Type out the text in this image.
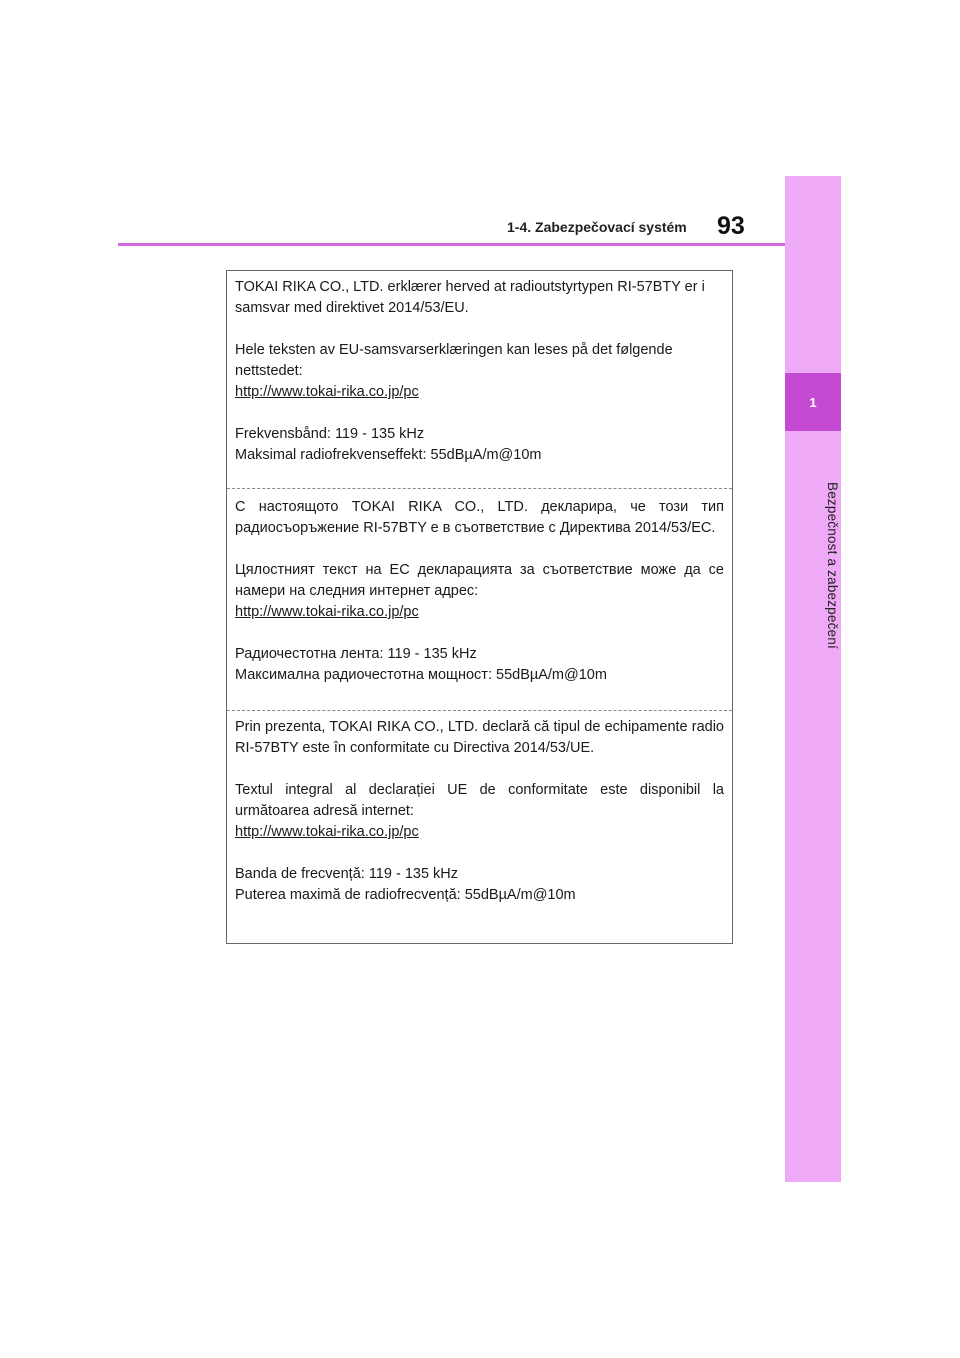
1
Bezpečnost a zabezpečení
1-4. Zabezpečovací systém 93

TOKAI RIKA CO., LTD. erklærer herved at radioutstyrtypen RI-57BTY er i samsvar med direktivet 2014/53/EU.

Hele teksten av EU-samsvarserklæringen kan leses på det følgende nettstedet:

http://www.tokai-rika.co.jp/pc

Frekvensbånd: 119 - 135 kHz

Maksimal radiofrekvenseffekt: 55dBµA/m@10m

С настоящото TOKAI RIKA CO., LTD. декларира, че този тип радиосъоръжение RI-57BTY е в съответствие с Директива 2014/53/ЕС.

Цялостният текст на ЕС декларацията за съответствие може да се намери на следния интернет адрес:

http://www.tokai-rika.co.jp/pc

Радиочестотна лента: 119 - 135 kHz

Максимална радиочестотна мощност: 55dBµA/m@10m

Prin prezenta, TOKAI RIKA CO., LTD. declară că tipul de echipamente radio RI-57BTY este în conformitate cu Directiva 2014/53/UE.

Textul integral al declarației UE de conformitate este disponibil la următoarea adresă internet:

http://www.tokai-rika.co.jp/pc

Banda de frecvență: 119 - 135 kHz

Puterea maximă de radiofrecvență: 55dBµA/m@10m
